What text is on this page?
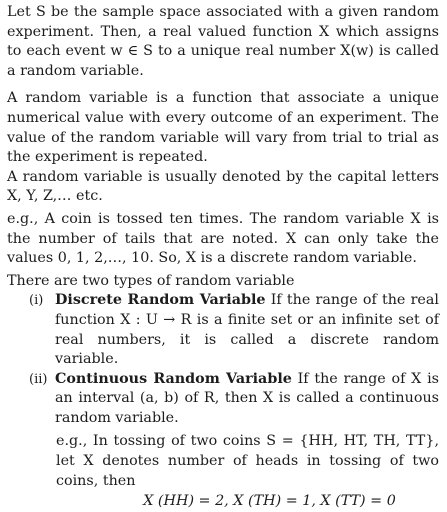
Let S be the sample space associated with a given random experiment. Then, a real valued function X which assigns to each event w ∈ S to a unique real number X(w) is called a random variable.

A random variable is a function that associate a unique numerical value with every outcome of an experiment. The value of the random variable will vary from trial to trial as the experiment is repeated.

A random variable is usually denoted by the capital letters X, Y, Z,… etc.

e.g., A coin is tossed ten times. The random variable X is the number of tails that are noted. X can only take the values 0, 1, 2,…, 10. So, X is a discrete random variable.

There are two types of random variable

(i) Discrete Random Variable If the range of the real function X : U → R is a finite set or an infinite set of real numbers, it is called a discrete random variable.

(ii) Continuous Random Variable If the range of X is an interval (a, b) of R, then X is called a continuous random variable.

e.g., In tossing of two coins S = {HH, HT, TH, TT}, let X denotes number of heads in tossing of two coins, then

X (HH) = 2, X (TH) = 1, X (TT) = 0
